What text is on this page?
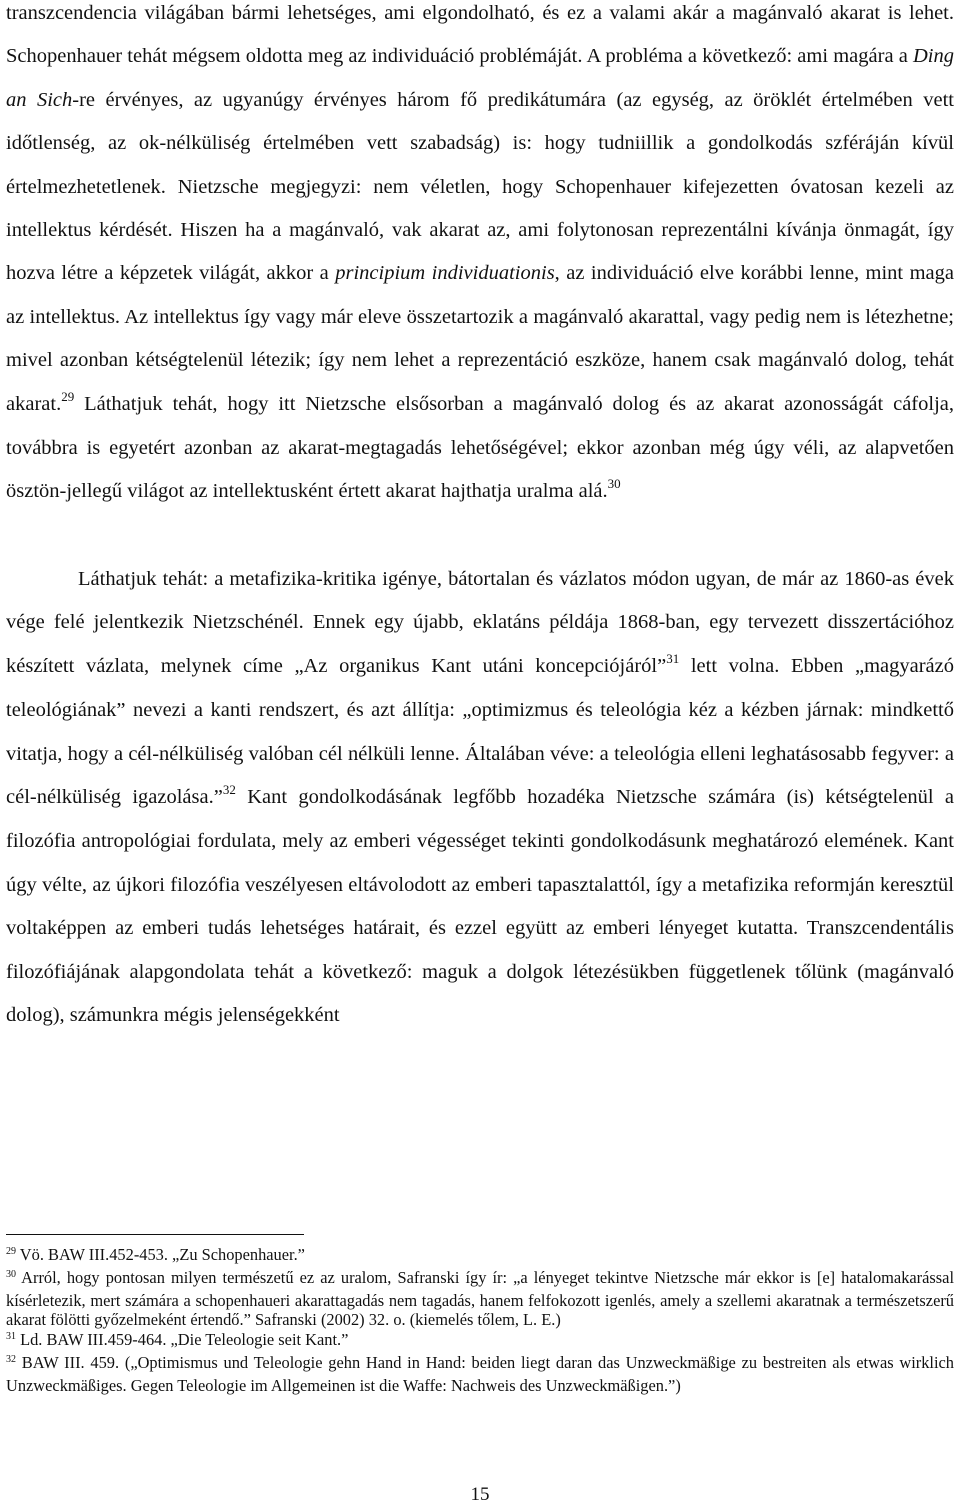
transzcendencia világában bármi lehetséges, ami elgondolható, és ez a valami akár a magánvaló akarat is lehet. Schopenhauer tehát mégsem oldotta meg az individuáció problémáját. A probléma a következő: ami magára a Ding an Sich-re érvényes, az ugyanúgy érvényes három fő predikátumára (az egység, az öröklét értelmében vett időtlenség, az ok-nélküliség értelmében vett szabadság) is: hogy tudniillik a gondolkodás szféráján kívül értelmezhetetlenek. Nietzsche megjegyzi: nem véletlen, hogy Schopenhauer kifejezetten óvatosan kezeli az intellektus kérdését. Hiszen ha a magánvaló, vak akarat az, ami folytonosan reprezentálni kívánja önmagát, így hozva létre a képzetek világát, akkor a principium individuationis, az individuáció elve korábbi lenne, mint maga az intellektus. Az intellektus így vagy már eleve összetartozik a magánvaló akarattal, vagy pedig nem is létezhetne; mivel azonban kétségtelenül létezik; így nem lehet a reprezentáció eszköze, hanem csak magánvaló dolog, tehát akarat.$^{29}$ Láthatjuk tehát, hogy itt Nietzsche elsősorban a magánvaló dolog és az akarat azonosságát cáfolja, továbbra is egyetért azonban az akarat-megtagadás lehetőségével; ekkor azonban még úgy véli, az alapvetően ösztön-jellegű világot az intellektusként értett akarat hajthatja uralma alá.$^{30}$

Láthatjuk tehát: a metafizika-kritika igénye, bátortalan és vázlatos módon ugyan, de már az 1860-as évek vége felé jelentkezik Nietzschénél. Ennek egy újabb, eklatáns példája 1868-ban, egy tervezett disszertációhoz készített vázlata, melynek címe „Az organikus Kant utáni koncepciójáról”$^{31}$ lett volna. Ebben „magyarázó teleológiának” nevezi a kanti rendszert, és azt állítja: „optimizmus és teleológia kéz a kézben járnak: mindkettő vitatja, hogy a cél-nélküliség valóban cél nélküli lenne. Általában véve: a teleológia elleni leghatásosabb fegyver: a cél-nélküliség igazolása.”$^{32}$ Kant gondolkodásának legfőbb hozadéka Nietzsche számára (is) kétségtelenül a filozófia antropológiai fordulata, mely az emberi végességet tekinti gondolkodásunk meghatározó elemének. Kant úgy vélte, az újkori filozófia veszélyesen eltávolodott az emberi tapasztalattól, így a metafizika reformján keresztül voltaképpen az emberi tudás lehetséges határait, és ezzel együtt az emberi lényeget kutatta. Transzcendentális filozófiájának alapgondolata tehát a következő: maguk a dolgok létezésükben függetlenek tőlünk (magánvaló dolog), számunkra mégis jelenségekként

$^{29}$ Vö. BAW III.452-453. „Zu Schopenhauer.”

$^{30}$ Arról, hogy pontosan milyen természetű ez az uralom, Safranski így ír: „a lényeget tekintve Nietzsche már ekkor is [e] hatalomakarással kísérletezik, mert számára a schopenhaueri akarattagadás nem tagadás, hanem felfokozott igenlés, amely a szellemi akaratnak a természetszerű akarat fölötti győzelmeként értendő.” Safranski (2002) 32. o. (kiemelés tőlem, L. E.)

$^{31}$ Ld. BAW III.459-464. „Die Teleologie seit Kant.”

$^{32}$ BAW III. 459. („Optimismus und Teleologie gehn Hand in Hand: beiden liegt daran das Unzweckmäßige zu bestreiten als etwas wirklich Unzweckmäßiges. Gegen Teleologie im Allgemeinen ist die Waffe: Nachweis des Unzweckmäßigen.”)

15
